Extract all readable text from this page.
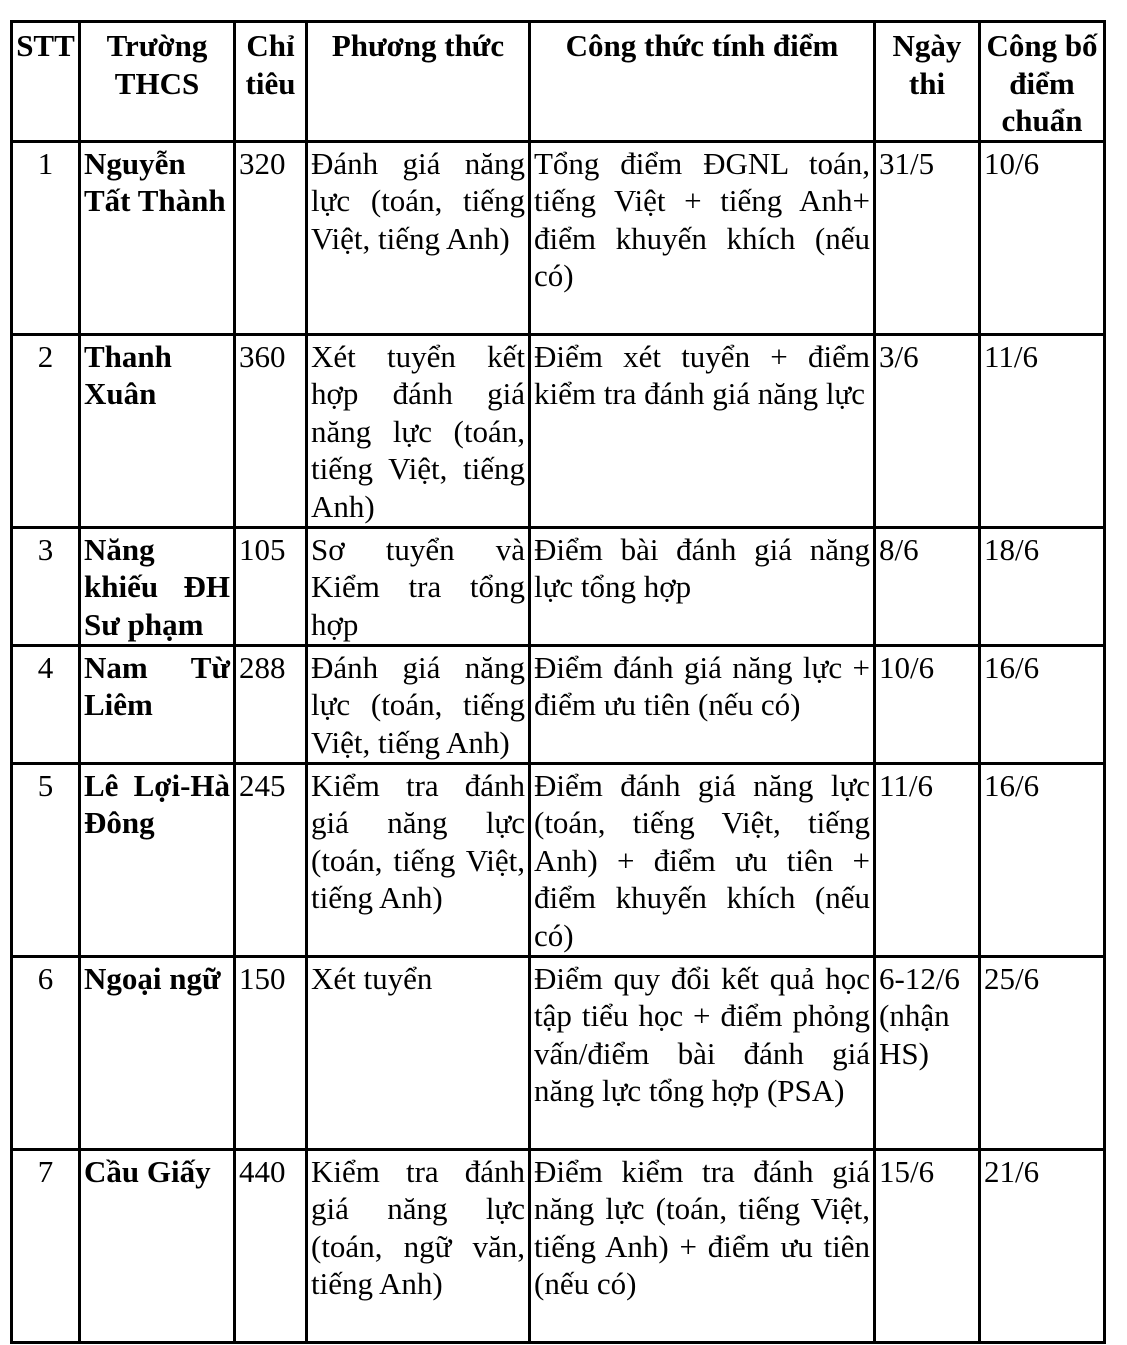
STT	Trường THCS	Chỉ tiêu	Phương thức	Công thức tính điểm	Ngày thi	Công bố điểm chuẩn
1	Nguyễn Tất Thành	320	Đánh giá năng lực (toán, tiếng Việt, tiếng Anh)	Tổng điểm ĐGNL toán, tiếng Việt + tiếng Anh+ điểm khuyến khích (nếu có)	31/5	10/6
2	Thanh Xuân	360	Xét tuyển kết hợp đánh giá năng lực (toán, tiếng Việt, tiếng Anh)	Điểm xét tuyển + điểm kiểm tra đánh giá năng lực	3/6	11/6
3	Năng khiếu ĐH Sư phạm	105	Sơ tuyển và Kiểm tra tổng hợp	Điểm bài đánh giá năng lực tổng hợp	8/6	18/6
4	Nam Từ Liêm	288	Đánh giá năng lực (toán, tiếng Việt, tiếng Anh)	Điểm đánh giá năng lực + điểm ưu tiên (nếu có)	10/6	16/6
5	Lê Lợi-Hà Đông	245	Kiểm tra đánh giá năng lực (toán, tiếng Việt, tiếng Anh)	Điểm đánh giá năng lực (toán, tiếng Việt, tiếng Anh) + điểm ưu tiên + điểm khuyến khích (nếu có)	11/6	16/6
6	Ngoại ngữ	150	Xét tuyển	Điểm quy đổi kết quả học tập tiểu học + điểm phỏng vấn/điểm bài đánh giá năng lực tổng hợp (PSA)	6-12/6 (nhận HS)	25/6
7	Cầu Giấy	440	Kiểm tra đánh giá năng lực (toán, ngữ văn, tiếng Anh)	Điểm kiểm tra đánh giá năng lực (toán, tiếng Việt, tiếng Anh) + điểm ưu tiên (nếu có)	15/6	21/6
